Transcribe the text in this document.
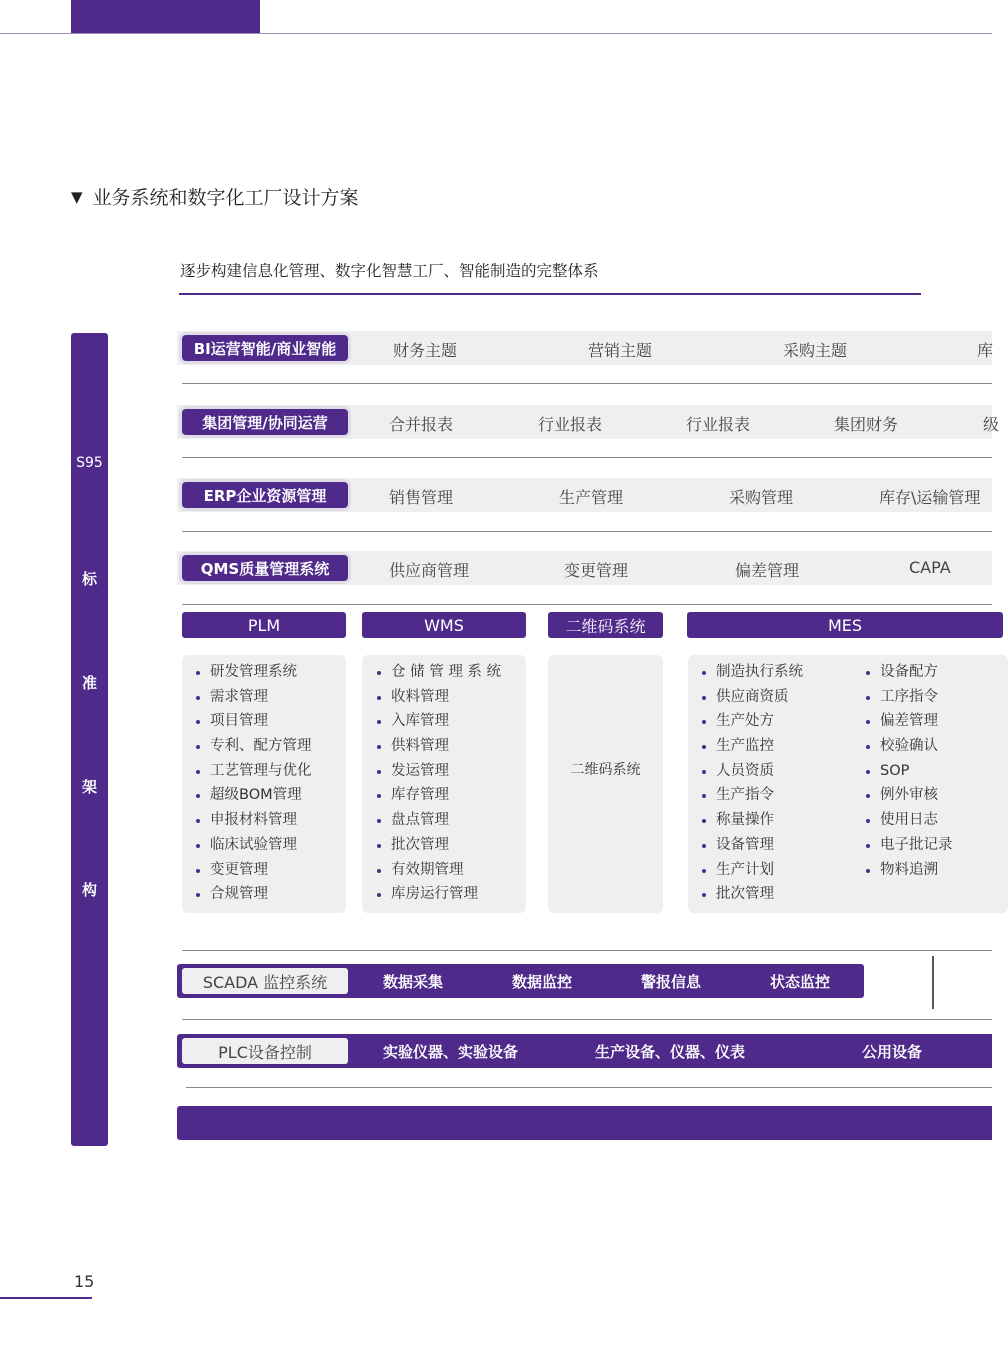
▼ 业务系统和数字化工厂设计方案
逐步构建信息化管理、数字化智慧工厂、智能制造的完整体系
S95
标
准
架
构
BI运营智能/商业智能	财务主题	营销主题	采购主题	库
集团管理/协同运营	合并报表	行业报表	行业报表	集团财务	级
ERP企业资源管理	销售管理	生产管理	采购管理	库存\运输管理
QMS质量管理系统	供应商管理	变更管理	偏差管理	CAPA
PLM	WMS	二维码系统	MES
研发管理系统
需求管理
项目管理
专利、配方管理
工艺管理与优化
超级BOM管理
申报材料管理
临床试验管理
变更管理
合规管理
仓 储 管 理 系 统
收料管理
入库管理
供料管理
发运管理
库存管理
盘点管理
批次管理
有效期管理
库房运行管理
二维码系统
制造执行系统
供应商资质
生产处方
生产监控
人员资质
生产指令
称量操作
设备管理
生产计划
批次管理
设备配方
工序指令
偏差管理
校验确认
SOP
例外审核
使用日志
电子批记录
物料追溯
SCADA 监控系统	数据采集	数据监控	警报信息	状态监控
PLC设备控制	实验仪器、实验设备	生产设备、仪器、仪表	公用设备
15
